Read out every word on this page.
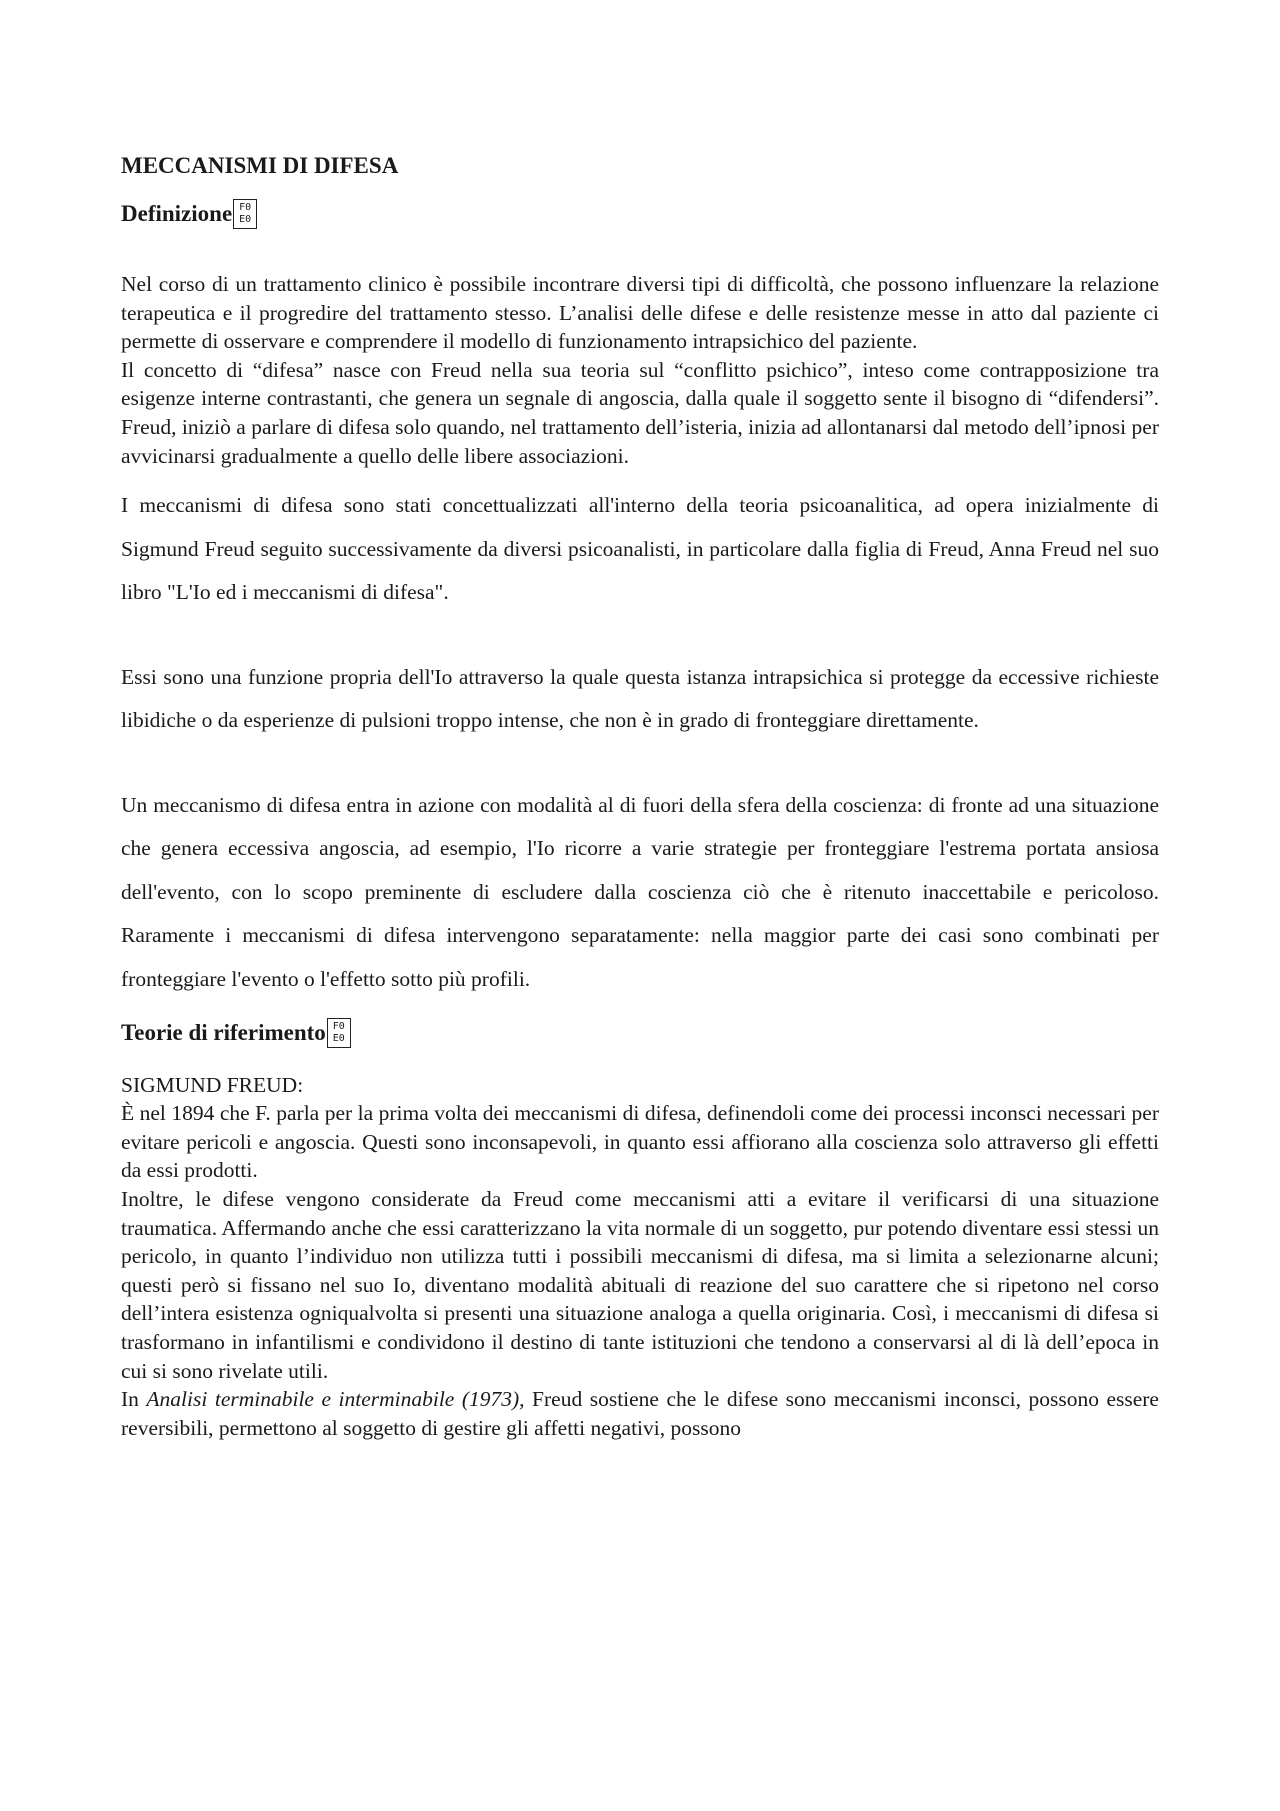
MECCANISMI DI DIFESA
Definizione F0
E0

Nel corso di un trattamento clinico è possibile incontrare diversi tipi di difficoltà, che possono influenzare la relazione terapeutica e il progredire del trattamento stesso. L’analisi delle difese e delle resistenze messe in atto dal paziente ci permette di osservare e comprendere il modello di funzionamento intrapsichico del paziente.

Il concetto di “difesa” nasce con Freud nella sua teoria sul “conflitto psichico”, inteso come contrapposizione tra esigenze interne contrastanti, che genera un segnale di angoscia, dalla quale il soggetto sente il bisogno di “difendersi”. Freud, iniziò a parlare di difesa solo quando, nel trattamento dell’isteria, inizia ad allontanarsi dal metodo dell’ipnosi per avvicinarsi gradualmente a quello delle libere associazioni.

I meccanismi di difesa sono stati concettualizzati all'interno della teoria psicoanalitica, ad opera inizialmente di Sigmund Freud seguito successivamente da diversi psicoanalisti, in particolare dalla figlia di Freud, Anna Freud nel suo libro "L'Io ed i meccanismi di difesa".

Essi sono una funzione propria dell'Io attraverso la quale questa istanza intrapsichica si protegge da eccessive richieste libidiche o da esperienze di pulsioni troppo intense, che non è in grado di fronteggiare direttamente.

Un meccanismo di difesa entra in azione con modalità al di fuori della sfera della coscienza: di fronte ad una situazione che genera eccessiva angoscia, ad esempio, l'Io ricorre a varie strategie per fronteggiare l'estrema portata ansiosa dell'evento, con lo scopo preminente di escludere dalla coscienza ciò che è ritenuto inaccettabile e pericoloso. Raramente i meccanismi di difesa intervengono separatamente: nella maggior parte dei casi sono combinati per fronteggiare l'evento o l'effetto sotto più profili.

Teorie di riferimento F0
E0
SIGMUND FREUD:

È nel 1894 che F. parla per la prima volta dei meccanismi di difesa, definendoli come dei processi inconsci necessari per evitare pericoli e angoscia. Questi sono inconsapevoli, in quanto essi affiorano alla coscienza solo attraverso gli effetti da essi prodotti.

Inoltre, le difese vengono considerate da Freud come meccanismi atti a evitare il verificarsi di una situazione traumatica. Affermando anche che essi caratterizzano la vita normale di un soggetto, pur potendo diventare essi stessi un pericolo, in quanto l’individuo non utilizza tutti i possibili meccanismi di difesa, ma si limita a selezionarne alcuni; questi però si fissano nel suo Io, diventano modalità abituali di reazione del suo carattere che si ripetono nel corso dell’intera esistenza ogniqualvolta si presenti una situazione analoga a quella originaria. Così, i meccanismi di difesa si trasformano in infantilismi e condividono il destino di tante istituzioni che tendono a conservarsi al di là dell’epoca in cui si sono rivelate utili.

In Analisi terminabile e interminabile (1973), Freud sostiene che le difese sono meccanismi inconsci, possono essere reversibili, permettono al soggetto di gestire gli affetti negativi, possono
